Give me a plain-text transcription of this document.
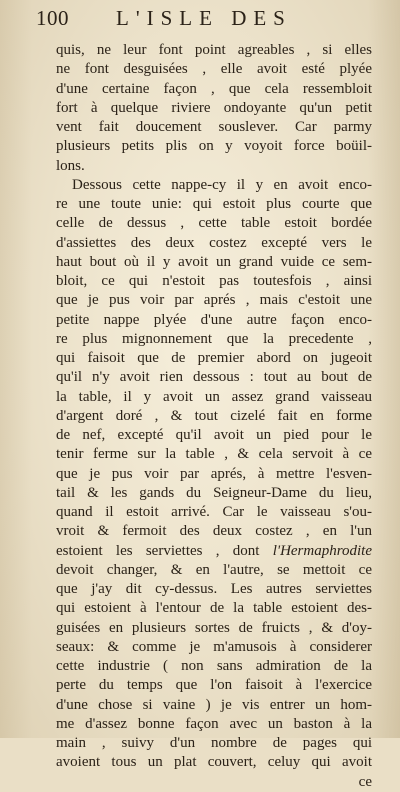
100 L'ISLE DES
quis, ne leur font point agreables , si elles
ne font desguisées , elle avoit esté plyée
d'une certaine façon , que cela ressembloit
fort à quelque riviere ondoyante qu'un petit
vent fait doucement souslever. Car parmy
plusieurs petits plis on y voyoit force boüil-
lons.
Dessous cette nappe-cy il y en avoit enco-
re une toute unie: qui estoit plus courte que
celle de dessus , cette table estoit bordée
d'assiettes des deux costez excepté vers le
haut bout où il y avoit un grand vuide ce sem-
bloit, ce qui n'estoit pas toutesfois , ainsi
que je pus voir par aprés , mais c'estoit une
petite nappe plyée d'une autre façon enco-
re plus mignonnement que la precedente ,
qui faisoit que de premier abord on jugeoit
qu'il n'y avoit rien dessous : tout au bout de
la table, il y avoit un assez grand vaisseau
d'argent doré , & tout cizelé fait en forme
de nef, excepté qu'il avoit un pied pour le
tenir ferme sur la table , & cela servoit à ce
que je pus voir par aprés, à mettre l'esven-
tail & les gands du Seigneur-Dame du lieu,
quand il estoit arrivé. Car le vaisseau s'ou-
vroit & fermoit des deux costez , en l'un
estoient les serviettes , dont l'Hermaphrodite
devoit changer, & en l'autre, se mettoit ce
que j'ay dit cy-dessus. Les autres serviettes
qui estoient à l'entour de la table estoient des-
guisées en plusieurs sortes de fruicts , & d'oy-
seaux: & comme je m'amusois à considerer
cette industrie ( non sans admiration de la
perte du temps que l'on faisoit à l'exercice
d'une chose si vaine ) je vis entrer un hom-
me d'assez bonne façon avec un baston à la
main , suivy d'un nombre de pages qui
avoient tous un plat couvert, celuy qui avoit
ce
